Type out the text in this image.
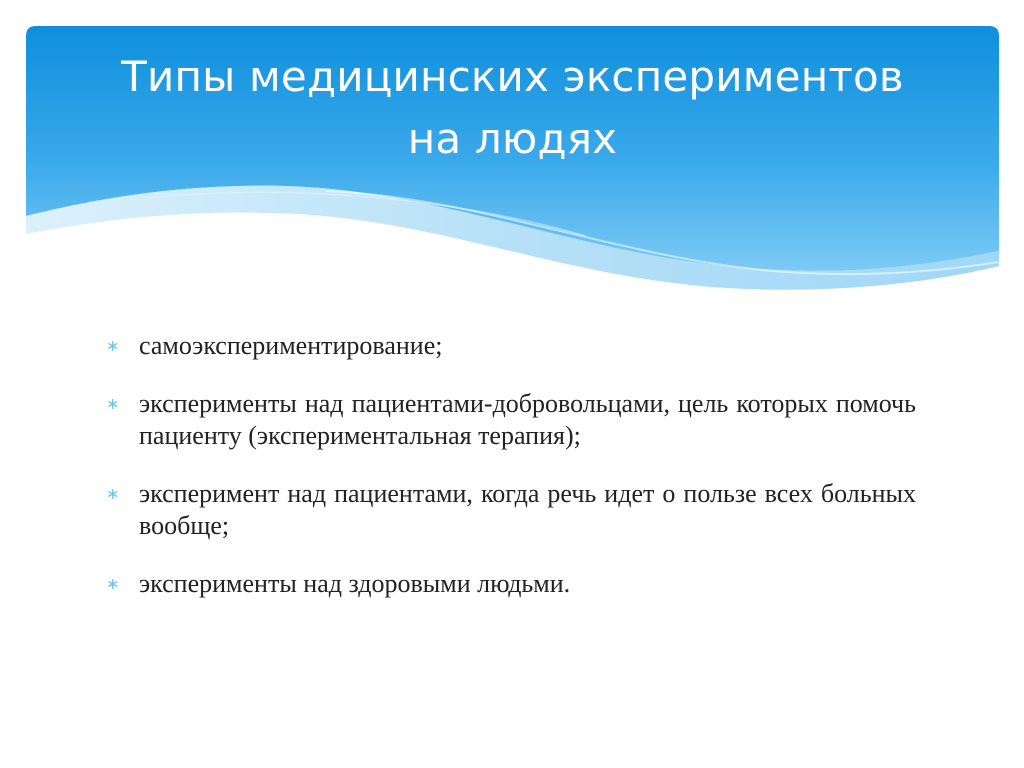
Типы медицинских экспериментов
на людях
∗ самоэкспериментирование;
∗ эксперименты над пациентами-добровольцами, цель которых помочь пациенту (экспериментальная терапия);
∗ эксперимент над пациентами, когда речь идет о пользе всех больных вообще;
∗ эксперименты над здоровыми людьми.
